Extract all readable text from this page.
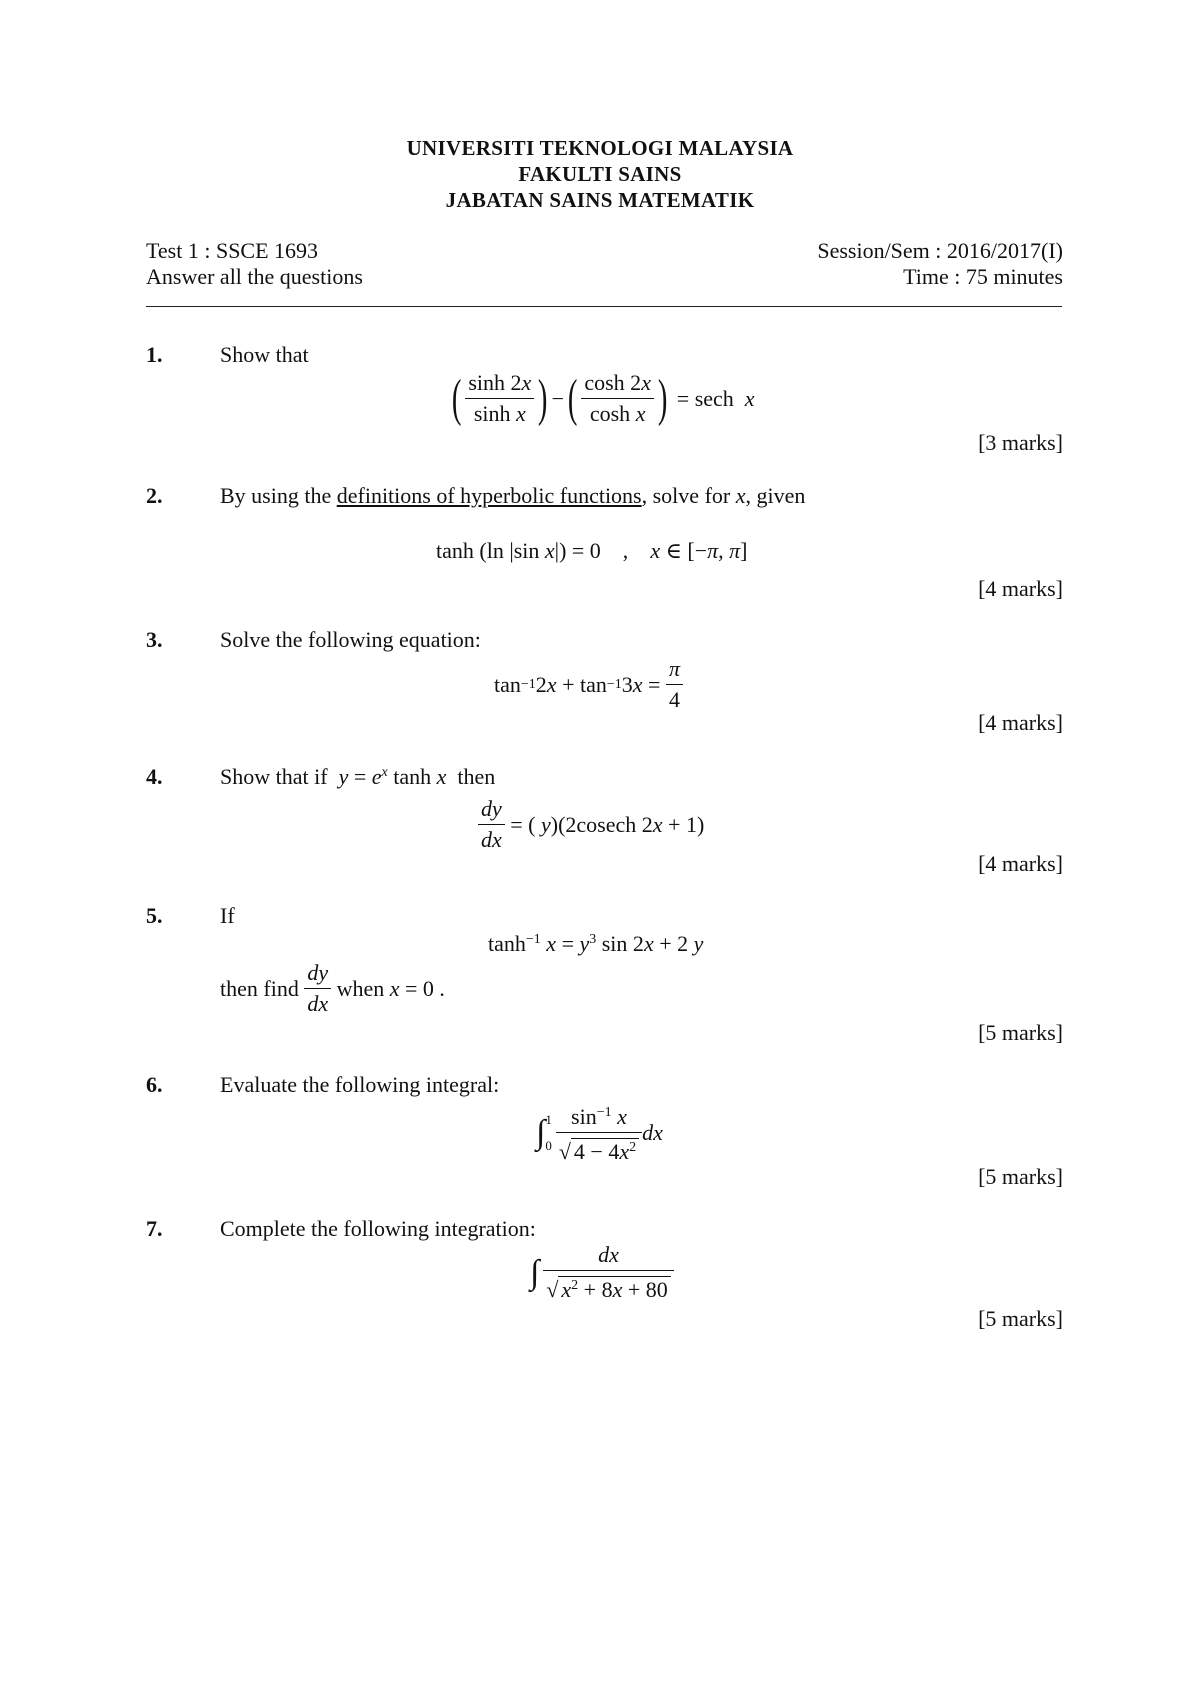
UNIVERSITI TEKNOLOGI MALAYSIA
FAKULTI SAINS
JABATAN SAINS MATEMATIK
Test 1 : SSCE 1693	Session/Sem : 2016/2017(I)
Answer all the questions	Time : 75 minutes
1.	Show that
( $\frac{\sinh 2x}{\text{sinh x}}$ ) − ( $\frac{\cosh 2x}{\text{cosh x}}$ ) = sech  x
[3 marks]
2.	By using the definitions of hyperbolic functions, solve for x, given
tanh (ln |sin x|) = 0    ,    x ∈ [−π, π]
[4 marks]
3.	Solve the following equation:
tan −1 2 x + tan −1 3 $x = \frac{\pi}{4}$
[4 marks]
4.	Show that if $y = e^x$ tanh x then
$\frac{dy}{dx}$ = ( y)(2cosech 2x + 1)
[4 marks]
5.	If
$\tanh^{-1} x = y^3$ sin 2x + 2 y
then find
$\frac{dy}{dx}$
when
x = 0 .
[5 marks]
6.	Evaluate the following integral:
∫ 1
$0 \frac{\sin^{-1} x}{√ 4 - 4x^2}$ dx
[5 marks]
7.	Complete the following integration:
∫ $\frac{dx}{√ x^2 + 8x + 80}$
[5 marks]
